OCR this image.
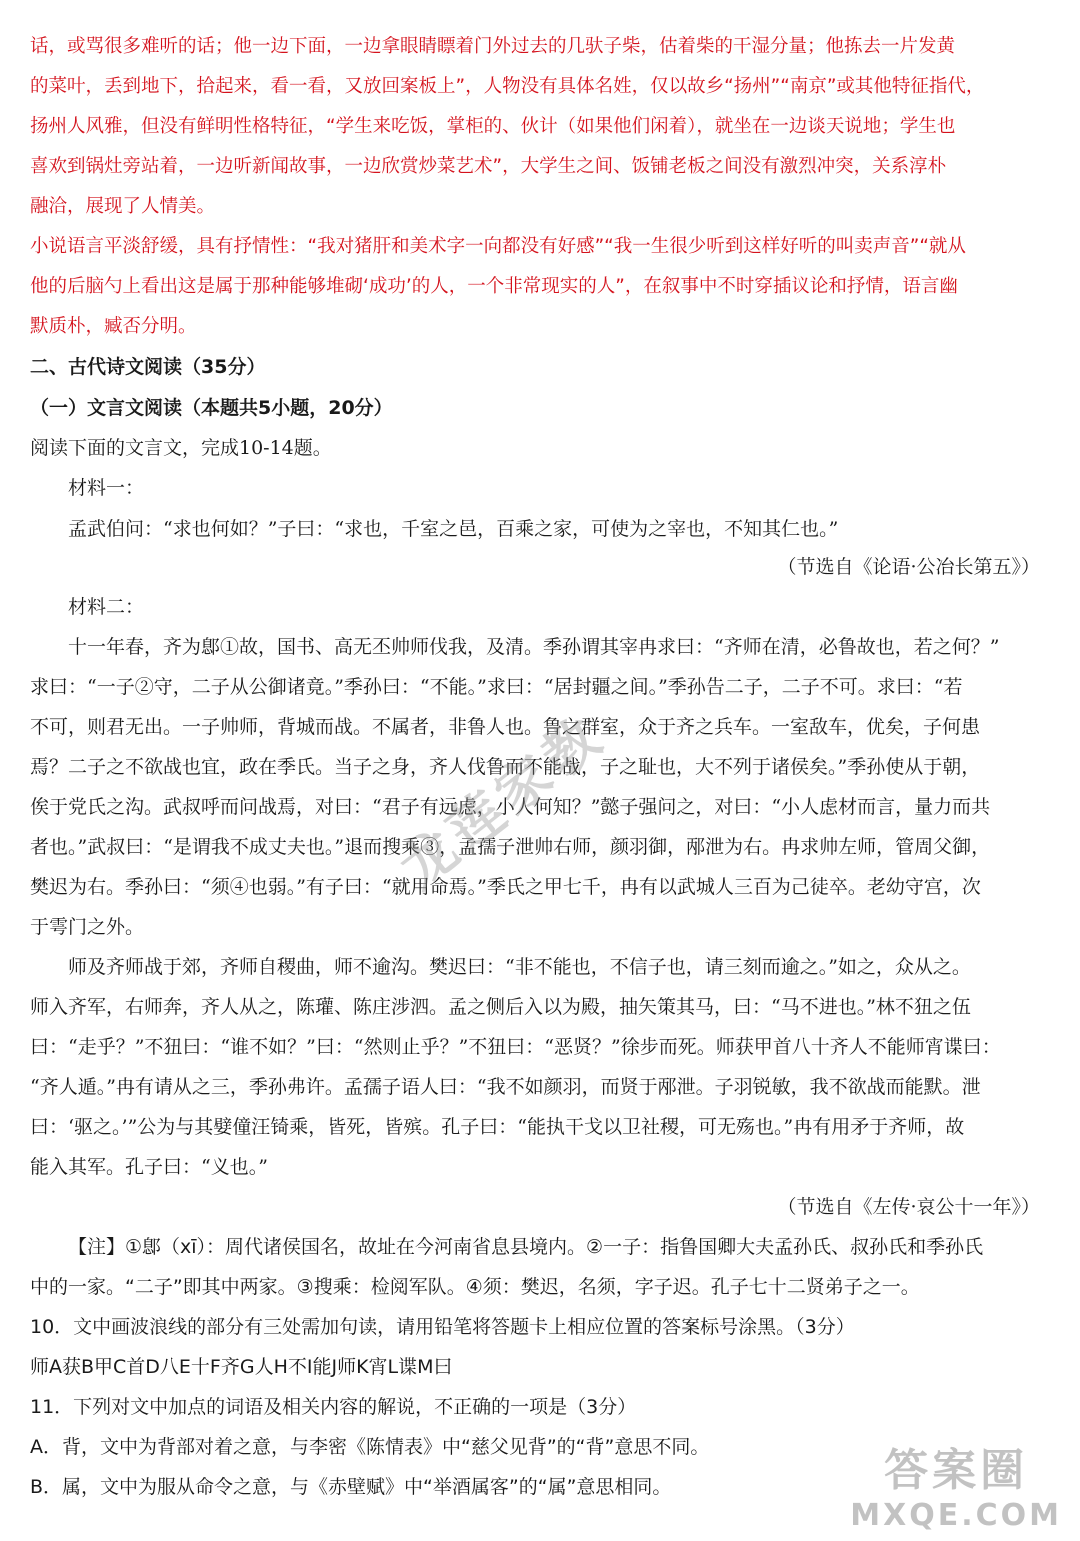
话，或骂很多难听的话；他一边下面，一边拿眼睛瞟着门外过去的几驮子柴，估着柴的干湿分量；他拣去一片发黄
的菜叶，丢到地下，拾起来，看一看，又放回案板上”，人物没有具体名姓，仅以故乡“扬州”“南京”或其他特征指代，
扬州人风雅，但没有鲜明性格特征，“学生来吃饭，掌柜的、伙计（如果他们闲着），就坐在一边谈天说地；学生也
喜欢到锅灶旁站着，一边听新闻故事，一边欣赏炒菜艺术”，大学生之间、饭铺老板之间没有激烈冲突，关系淳朴
融洽，展现了人情美。
小说语言平淡舒缓，具有抒情性：“我对猪肝和美术字一向都没有好感”“我一生很少听到这样好听的叫卖声音”“就从
他的后脑勺上看出这是属于那种能够堆砌‘成功’的人，一个非常现实的人”，在叙事中不时穿插议论和抒情，语言幽
默质朴，臧否分明。
二、古代诗文阅读（35分）
（一）文言文阅读（本题共5小题，20分）
阅读下面的文言文，完成10-14题。
材料一：
孟武伯问：“求也何如？”子曰：“求也，千室之邑，百乘之家，可使为之宰也，不知其仁也。”
（节选自《论语·公冶长第五》）
材料二：
十一年春，齐为鄎①故，国书、高无丕帅师伐我，及清。季孙谓其宰冉求曰：“齐师在清，必鲁故也，若之何？”
求曰：“一子②守，二子从公御诸竟。”季孙曰：“不能。”求曰：“居封疆之间。”季孙告二子，二子不可。求曰：“若
不可，则君无出。一子帅师，背城而战。不属者，非鲁人也。鲁之群室，众于齐之兵车。一室敌车，优矣，子何患
焉？二子之不欲战也宜，政在季氏。当子之身，齐人伐鲁而不能战，子之耻也，大不列于诸侯矣。”季孙使从于朝，
俟于党氏之沟。武叔呼而问战焉，对曰：“君子有远虑，小人何知？”懿子强问之，对曰：“小人虑材而言，量力而共
者也。”武叔曰：“是谓我不成丈夫也。”退而搜乘③，孟孺子泄帅右师，颜羽御，邴泄为右。冉求帅左师，管周父御，
樊迟为右。季孙曰：“须④也弱。”有子曰：“就用命焉。”季氏之甲七千，冉有以武城人三百为己徒卒。老幼守宫，次
于雩门之外。
师及齐师战于郊，齐师自稷曲，师不逾沟。樊迟曰：“非不能也，不信子也，请三刻而逾之。”如之，众从之。
师入齐军，右师奔，齐人从之，陈瓘、陈庄涉泗。孟之侧后入以为殿，抽矢策其马，曰：“马不进也。”林不狃之伍
曰：“走乎？”不狃曰：“谁不如？”曰：“然则止乎？”不狃曰：“恶贤？”徐步而死。师获甲首八十齐人不能师宵谍曰：
“齐人遁。”冉有请从之三，季孙弗许。孟孺子语人曰：“我不如颜羽，而贤于邴泄。子羽锐敏，我不欲战而能默。泄
曰：‘驱之。’”公为与其嬖僮汪锜乘，皆死，皆殡。孔子曰：“能执干戈以卫社稷，可无殇也。”冉有用矛于齐师，故
能入其军。孔子曰：“义也。”
（节选自《左传·哀公十一年》）
【注】①鄎（xī）：周代诸侯国名，故址在今河南省息县境内。②一子：指鲁国卿大夫孟孙氏、叔孙氏和季孙氏
中的一家。“二子”即其中两家。③搜乘：检阅军队。④须：樊迟，名须，字子迟。孔子七十二贤弟子之一。
10．文中画波浪线的部分有三处需加句读，请用铅笔将答题卡上相应位置的答案标号涂黑。（3分）
师A获B甲C首D八E十F齐G人H不I能J师K宵L谍M曰
11．下列对文中加点的词语及相关内容的解说，不正确的一项是（3分）
A．背，文中为背部对着之意，与李密《陈情表》中“慈父见背”的“背”意思不同。
B．属，文中为服从命令之意，与《赤壁赋》中“举酒属客”的“属”意思相同。
龙莲家教
答案圈
MXQE.COM
